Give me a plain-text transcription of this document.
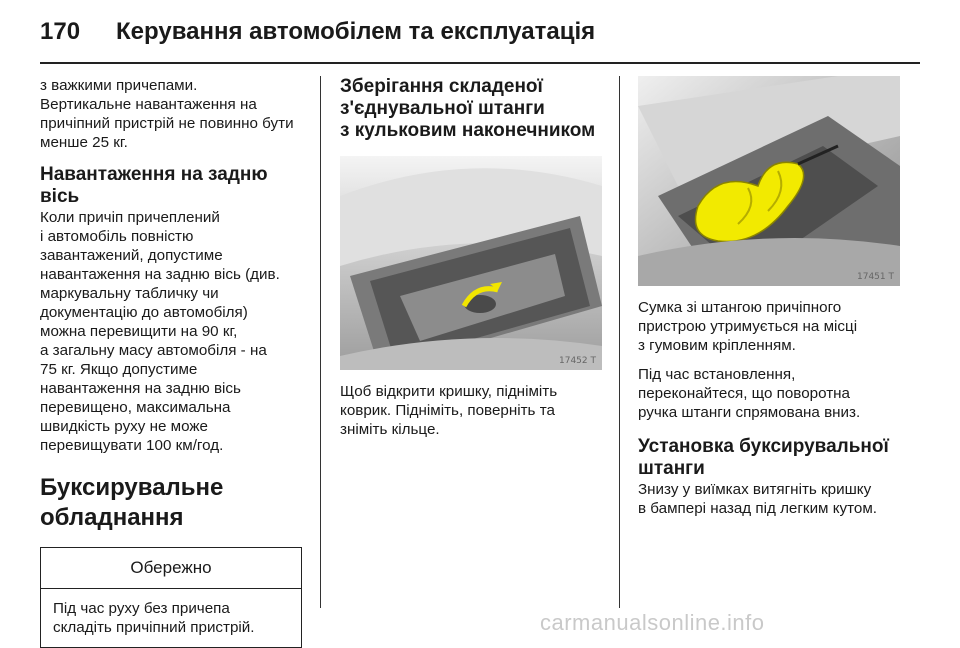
170 Керування автомобілем та експлуатація

з важкими причепами.
Вертикальне навантаження на
причіпний пристрій не повинно бути
менше 25 кг.

Навантаження на задню вісь

Коли причіп причеплений
і автомобіль повністю
завантажений, допустиме
навантаження на задню вісь (див.
маркувальну табличку чи
документацію до автомобіля)
можна перевищити на 90 кг,
а загальну масу автомобіля - на
75 кг. Якщо допустиме
навантаження на задню вісь
перевищено, максимальна
швидкість руху не може
перевищувати 100 км/год.

Буксирувальне
обладнання
Обережно
Під час руху без причепа
складіть причіпний пристрій.
Зберігання складеної
з'єднувальної штанги
з кульковим наконечником
17452 T

Щоб відкрити кришку, підніміть
коврик. Підніміть, поверніть та
зніміть кільце.

17451 T

Сумка зі штангою причіпного
пристрою утримується на місці
з гумовим кріпленням.

Під час встановлення,
переконайтеся, що поворотна
ручка штанги спрямована вниз.

Установка буксирувальної
штанги

Знизу у виїмках витягніть кришку
в бампері назад під легким кутом.

carmanualsonline.info
